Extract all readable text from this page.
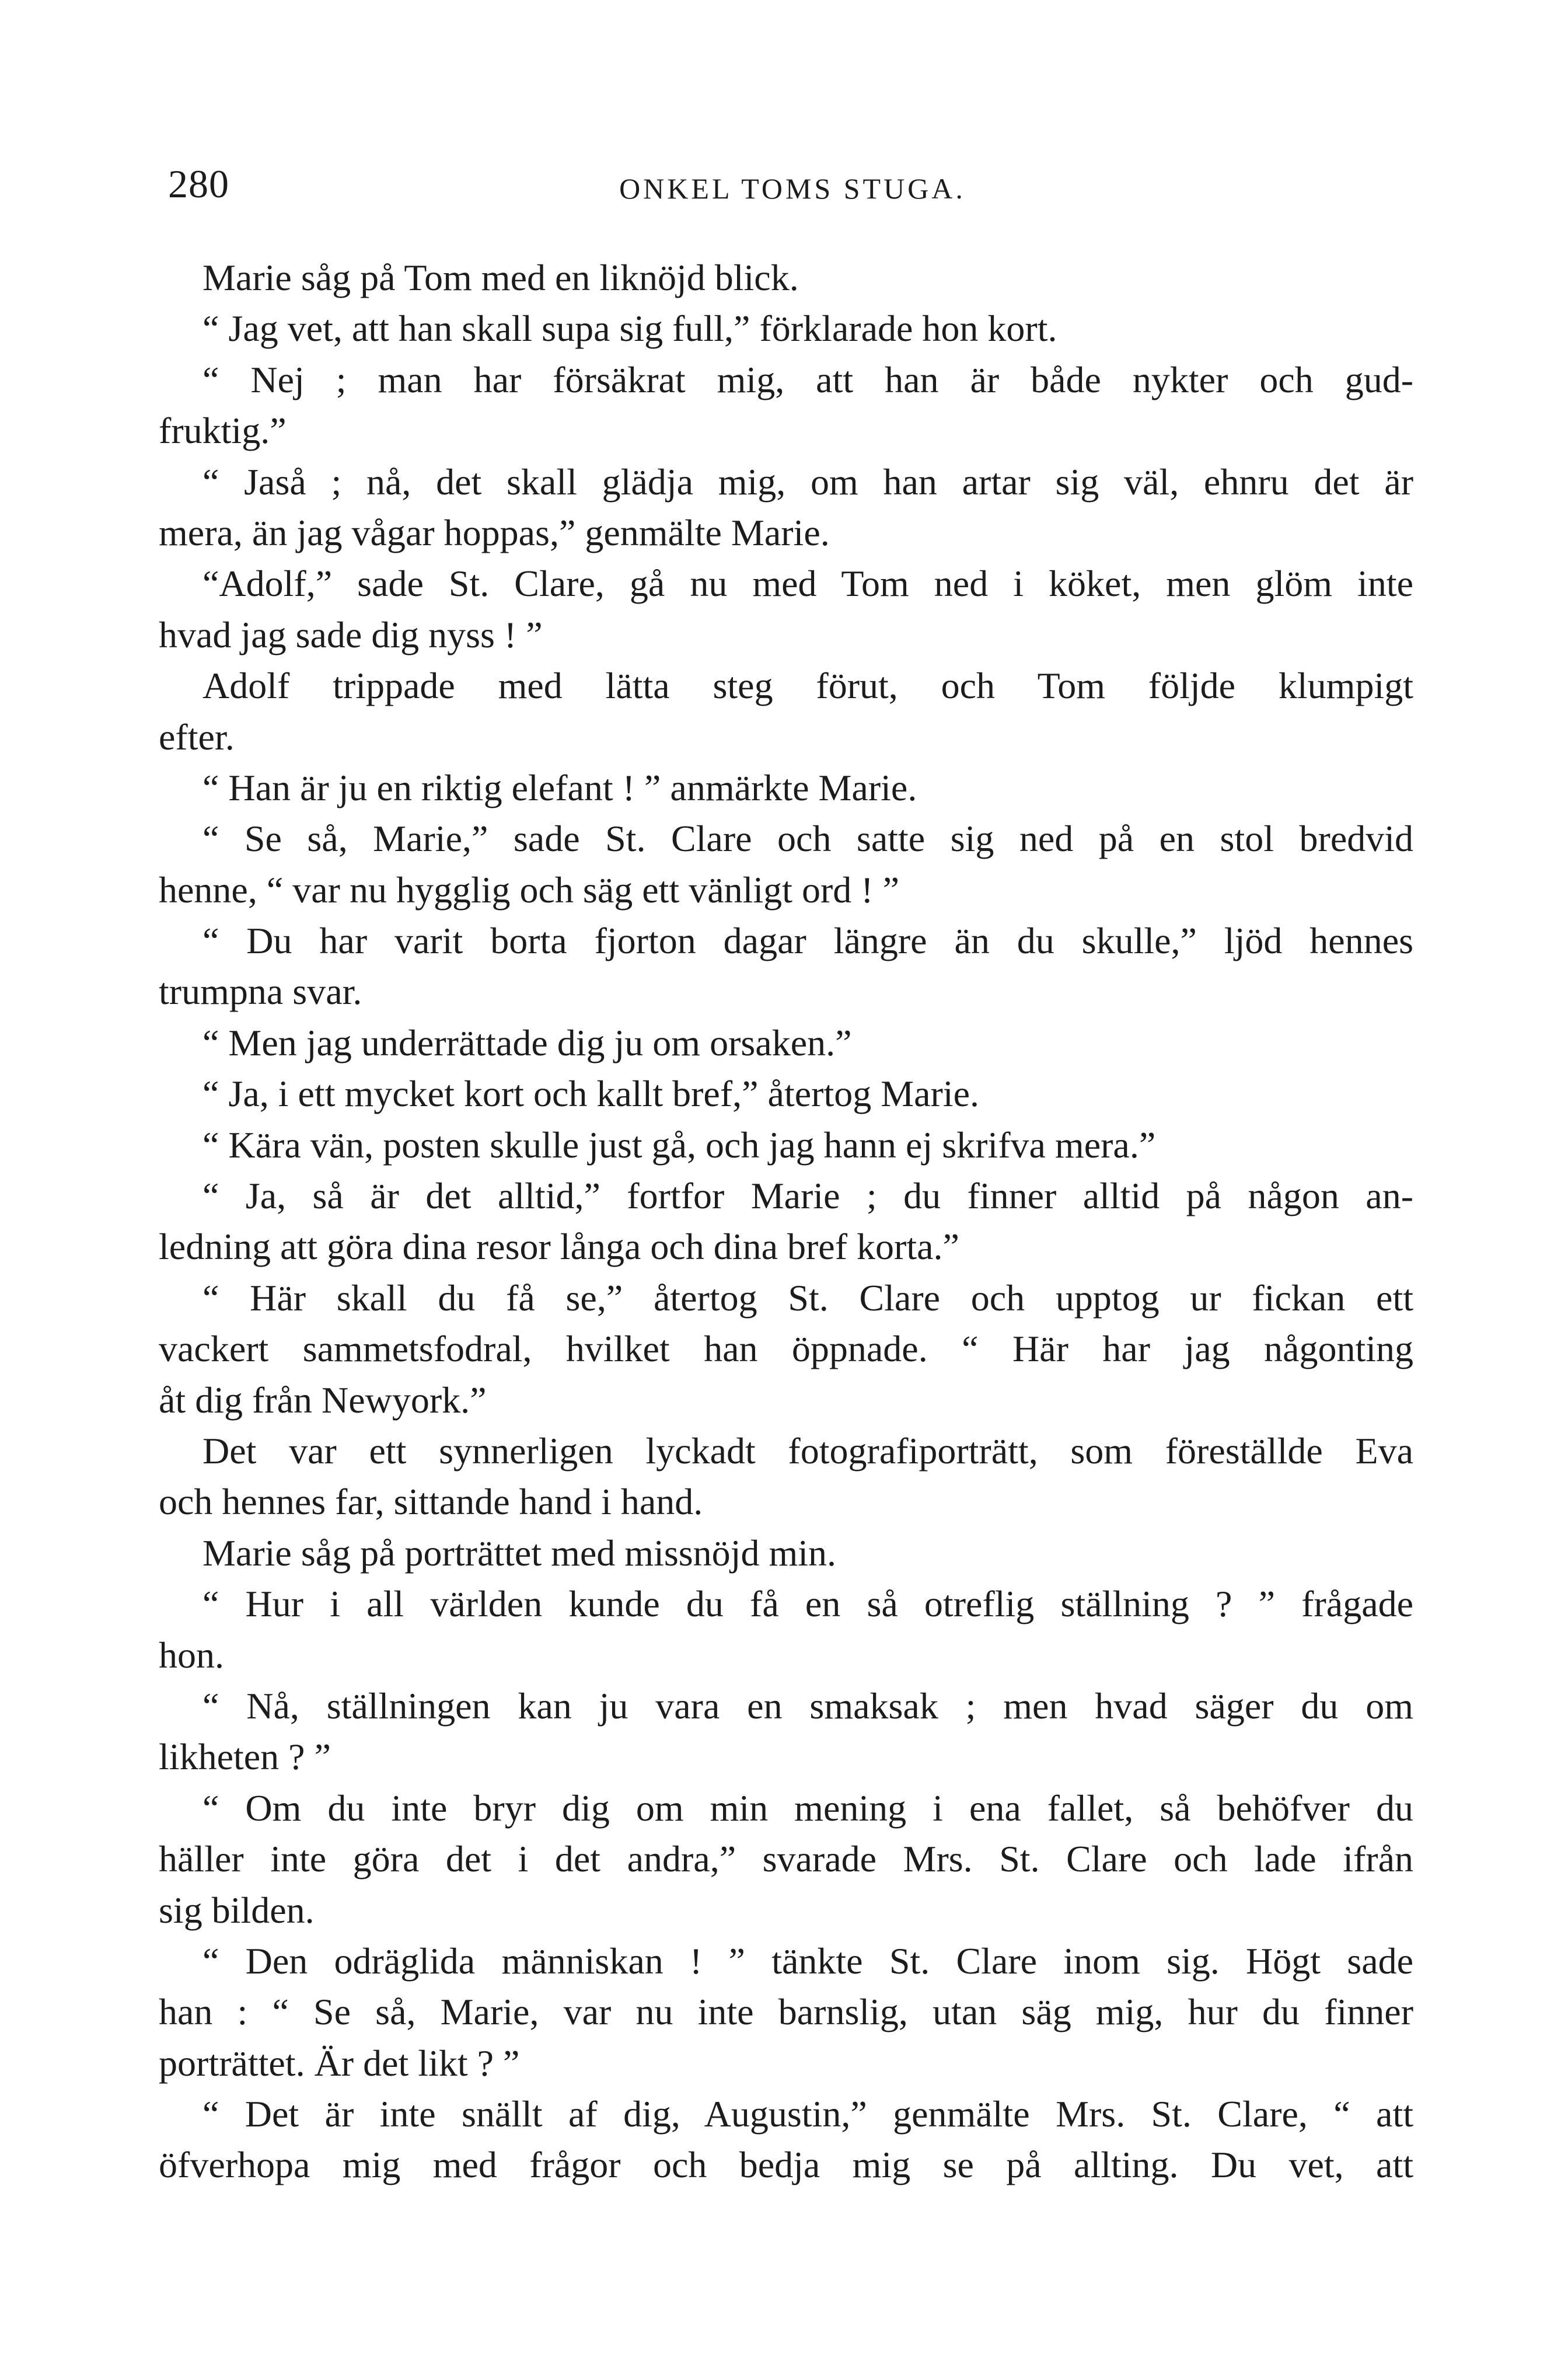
280	ONKEL TOMS STUGA.
Marie såg på Tom med en liknöjd blick.
“ Jag vet, att han skall supa sig full,” förklarade hon kort.
“ Nej ; man har försäkrat mig, att han är både nykter och gud-
fruktig.”
“ Jaså ; nå, det skall glädja mig, om han artar sig väl, ehnru det är
mera, än jag vågar hoppas,” genmälte Marie.
“Adolf,” sade St. Clare, gå nu med Tom ned i köket, men glöm inte
hvad jag sade dig nyss ! ”
Adolf trippade med lätta steg förut, och Tom följde klumpigt
efter.
“ Han är ju en riktig elefant ! ” anmärkte Marie.
“ Se så, Marie,” sade St. Clare och satte sig ned på en stol bredvid
henne, “ var nu hygglig och säg ett vänligt ord ! ”
“ Du har varit borta fjorton dagar längre än du skulle,” ljöd hennes
trumpna svar.
“ Men jag underrättade dig ju om orsaken.”
“ Ja, i ett mycket kort och kallt bref,” återtog Marie.
“ Kära vän, posten skulle just gå, och jag hann ej skrifva mera.”
“ Ja, så är det alltid,” fortfor Marie ; du finner alltid på någon an-
ledning att göra dina resor långa och dina bref korta.”
“ Här skall du få se,” återtog St. Clare och upptog ur fickan ett
vackert sammetsfodral, hvilket han öppnade. “ Här har jag någonting
åt dig från Newyork.”
Det var ett synnerligen lyckadt fotografiporträtt, som föreställde Eva
och hennes far, sittande hand i hand.
Marie såg på porträttet med missnöjd min.
“ Hur i all världen kunde du få en så otreflig ställning ? ” frågade
hon.
“ Nå, ställningen kan ju vara en smaksak ; men hvad säger du om
likheten ? ”
“ Om du inte bryr dig om min mening i ena fallet, så behöfver du
häller inte göra det i det andra,” svarade Mrs. St. Clare och lade ifrån
sig bilden.
“ Den odräglida människan ! ” tänkte St. Clare inom sig. Högt sade
han : “ Se så, Marie, var nu inte barnslig, utan säg mig, hur du finner
porträttet. Är det likt ? ”
“ Det är inte snällt af dig, Augustin,” genmälte Mrs. St. Clare, “ att
öfverhopa mig med frågor och bedja mig se på allting. Du vet, att
